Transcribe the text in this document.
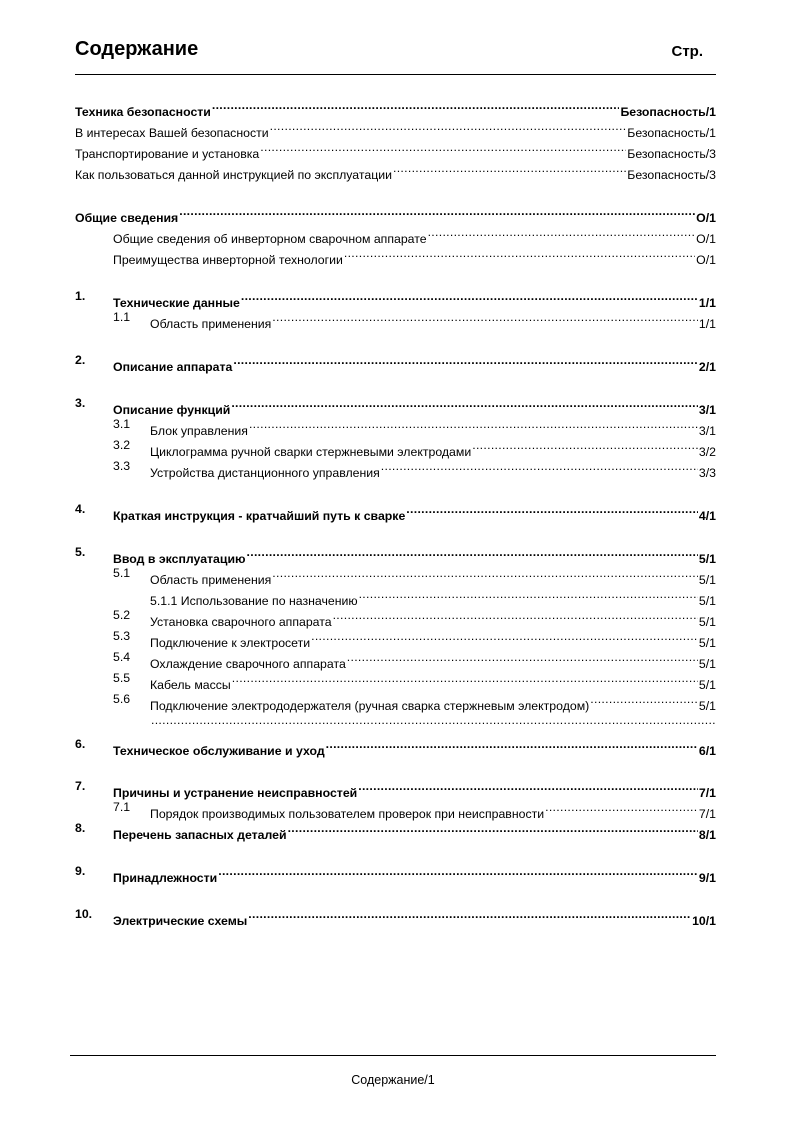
Содержание	Стр.
Техника безопасности .....	Безопасность/1
В интересах Вашей безопасности .....	Безопасность/1
Транспортирование и установка .....	Безопасность/3
Как пользоваться данной инструкцией по эксплуатации .....	Безопасность/3
Общие сведения .....	O/1
Общие сведения об инверторном сварочном аппарате .....	O/1
Преимущества инверторной технологии .....	O/1
1. Технические данные .....	1/1
1.1 Область применения .....	1/1
2. Описание аппарата .....	2/1
3. Описание функций .....	3/1
3.1 Блок управления .....	3/1
3.2 Циклограмма ручной сварки стержневыми электродами .....	3/2
3.3 Устройства дистанционного управления .....	3/3
4. Краткая инструкция - кратчайший путь к сварке .....	4/1
5. Ввод в эксплуатацию .....	5/1
5.1 Область применения .....	5/1
5.1.1 Использование по назначению .....	5/1
5.2 Установка сварочного аппарата .....	5/1
5.3 Подключение к электросети .....	5/1
5.4 Охлаждение сварочного аппарата .....	5/1
5.5 Кабель массы .....	5/1
5.6 Подключение электрододержателя (ручная сварка стержневым электродом) .....	5/1
.....
6. Техническое обслуживание и уход .....	6/1
7. Причины и устранение неисправностей .....	7/1
7.1 Порядок производимых пользователем проверок при неисправности .....	7/1
8. Перечень запасных деталей .....	8/1
9. Принадлежности .....	9/1
10. Электрические схемы .....	10/1
Содержание/1
